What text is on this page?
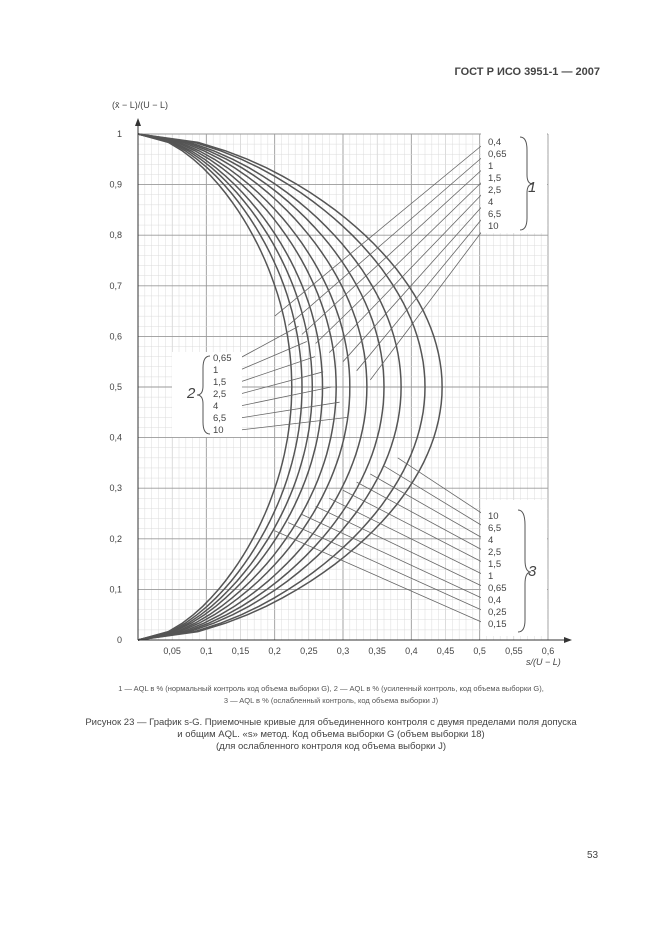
ГОСТ Р ИСО 3951-1 — 2007
0,05 0,1 0,15 0,2 0,25 0,3 0,35 0,4 0,45 0,5 0,55 0,6
0
0,1
0,2
0,3
0,4
0,5
0,6
0,7
0,8
0,9
1
1
0,4
0,65
1
1,5
2,5
4
6,5
10
2
0,65
1
1,5
2,5
4
6,5
10
3
10
6,5
4
2,5
1,5
1
0,65
0,4
0,25
0,15
(x̄ − L)/(U − L)
s/(U − L)
1 — AQL в % (нормальный контроль код объема выборки G), 2 — AQL в % (усиленный контроль, код объема выборки G),
3 — AQL в % (ослабленный контроль, код объема выборки J)
Рисунок 23 — График s-G. Приемочные кривые для объединенного контроля с двумя пределами поля допуска
и общим AQL. «s» метод. Код объема выборки G (объем выборки 18)
(для ослабленного контроля код объема выборки J)
53
